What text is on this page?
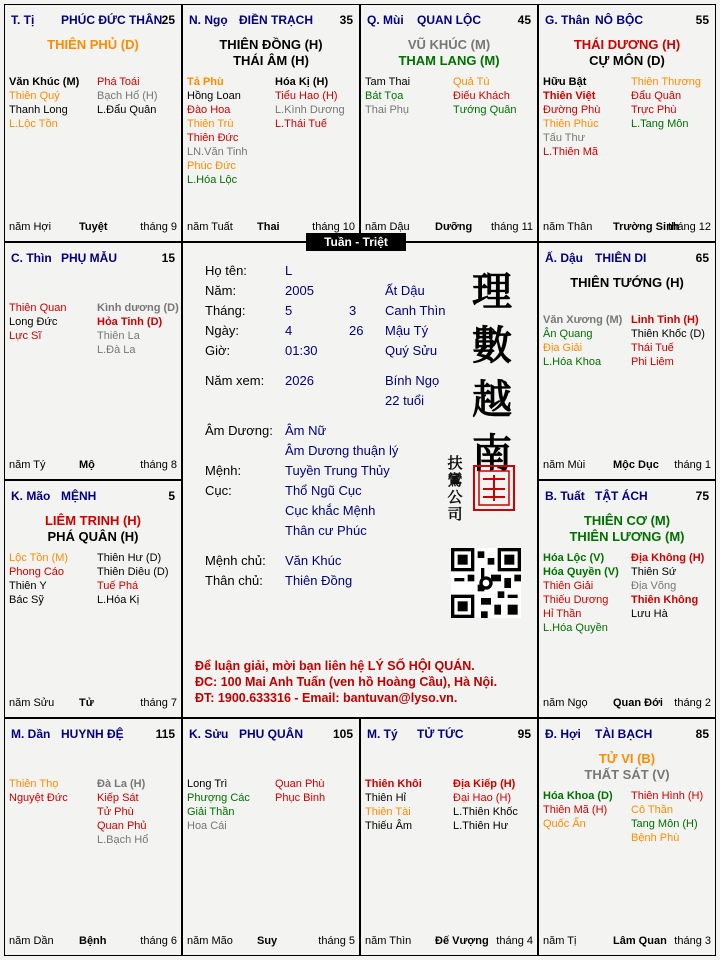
T. Tị	PHÚC ĐỨC THÂN 25
THIÊN PHỦ (D)
Văn Khúc (M)
Thiên Quý
Thanh Long
L.Lộc Tồn
Phá Toái
Bạch Hổ (H)
L.Đẩu Quân
năm Hợi	Tuyệt	tháng 9
N. Ngọ ĐIỀN TRẠCH 35
THIÊN ĐỒNG (H)
THÁI ÂM (H)
Tả Phù
Hồng Loan
Đào Hoa
Thiên Trù
Thiên Đức
LN.Văn Tinh
Phúc Đức
L.Hóa Lộc
Hóa Kị (H)
Tiểu Hao (H)
L.Kình Dương
L.Thái Tuế
năm Tuất Thai	tháng 10
Q. Mùi	QUAN LỘC	45
VŨ KHÚC (M)
THAM LANG (M)
Tam Thai
Bát Tọa
Thai Phụ
Quả Tú
Điếu Khách
Tướng Quân
năm Dậu Dưỡng tháng 11
G. Thân NÔ BỘC	55
THÁI DƯƠNG (H)
CỰ MÔN (D)
Hữu Bật
Thiên Việt
Đường Phù
Thiên Phúc
Tấu Thư
L.Thiên Mã
Thiên Thương
Đẩu Quân
Trực Phù
L.Tang Môn
năm Thân Trường Sinh
tháng 12
C. Thìn PHỤ MẪU	15
Thiên Quan
Long Đức
Lực Sĩ
Kình dương (D)
Hỏa Tinh (D)
Thiên La
L.Đà La
năm Tý	Mộ	tháng 8
Ấ. Dậu THIÊN DI	65
THIÊN TƯỚNG (H)
Văn Xương (M)
Ân Quang
Địa Giải
L.Hóa Khoa
Linh Tinh (H)
Thiên Khốc (D)
Thái Tuế
Phi Liêm
năm Mùi	Mộc Dục tháng 1
K. Mão MỆNH	5
LIÊM TRINH (H)
PHÁ QUÂN (H)
Lộc Tồn (M)
Phong Cáo
Thiên Y
Bác Sỹ
Thiên Hư (D)
Thiên Diêu (D)
Tuế Phá
L.Hóa Kị
năm Sửu Tử	tháng 7
B. Tuất TẬT ÁCH	75
THIÊN CƠ (M)
THIÊN LƯƠNG (M)
Hóa Lộc (V)
Hóa Quyền (V)
Thiên Giải
Thiếu Dương
Hỉ Thần
L.Hóa Quyền
Địa Không (H)
Thiên Sứ
Địa Võng
Thiên Không
Lưu Hà
năm Ngọ Quan Đới tháng 2
M. Dần HUYNH ĐỆ	115
Thiên Thọ
Nguyệt Đức
Đà La (H)
Kiếp Sát
Tử Phù
Quan Phủ
L.Bạch Hổ
năm Dần Bệnh	tháng 6
K. Sửu PHU QUÂN 105
Long Trì
Phượng Các
Giải Thần
Hoa Cái
Quan Phù
Phục Binh
năm Mão Suy	tháng 5
M. Tý	TỬ TỨC	95
Thiên Khôi
Thiên Hỉ
Thiên Tài
Thiếu Âm
Địa Kiếp (H)
Đại Hao (H)
L.Thiên Khốc
L.Thiên Hư
năm Thìn Đế Vượng tháng 4
Đ. Hợi	TÀI BẠCH	85
TỬ VI (B)
THẤT SÁT (V)
Hóa Khoa (D)
Thiên Mã (H)
Quốc Ấn
Thiên Hình (H)
Cô Thần
Tang Môn (H)
Bệnh Phù
năm Tị	Lâm Quan tháng 3
Họ tên:	L
Năm:	2005	Ất Dậu
Tháng:	5	3 Canh Thìn
Ngày:	4	26 Mậu Tý
Giờ:	01:30	Quý Sửu
Năm xem: 2026	Bính Ngọ
22 tuổi
Âm Dương: Âm Nữ
Âm Dương thuận lý
Mệnh:	Tuyền Trung Thủy
Cục:	Thổ Ngũ Cục
Cục khắc Mệnh
Thân cư Phúc
Mệnh chủ: Văn Khúc
Thân chủ: Thiên Đồng
理
數
越
南
扶
鸞
公
司
Để luận giải, mời bạn liên hệ LÝ SỐ HỘI QUÁN.
ĐC: 100 Mai Anh Tuấn (ven hồ Hoàng Cầu), Hà Nội.
ĐT: 1900.633316 - Email: bantuvan@lyso.vn.
Tuần - Triệt
